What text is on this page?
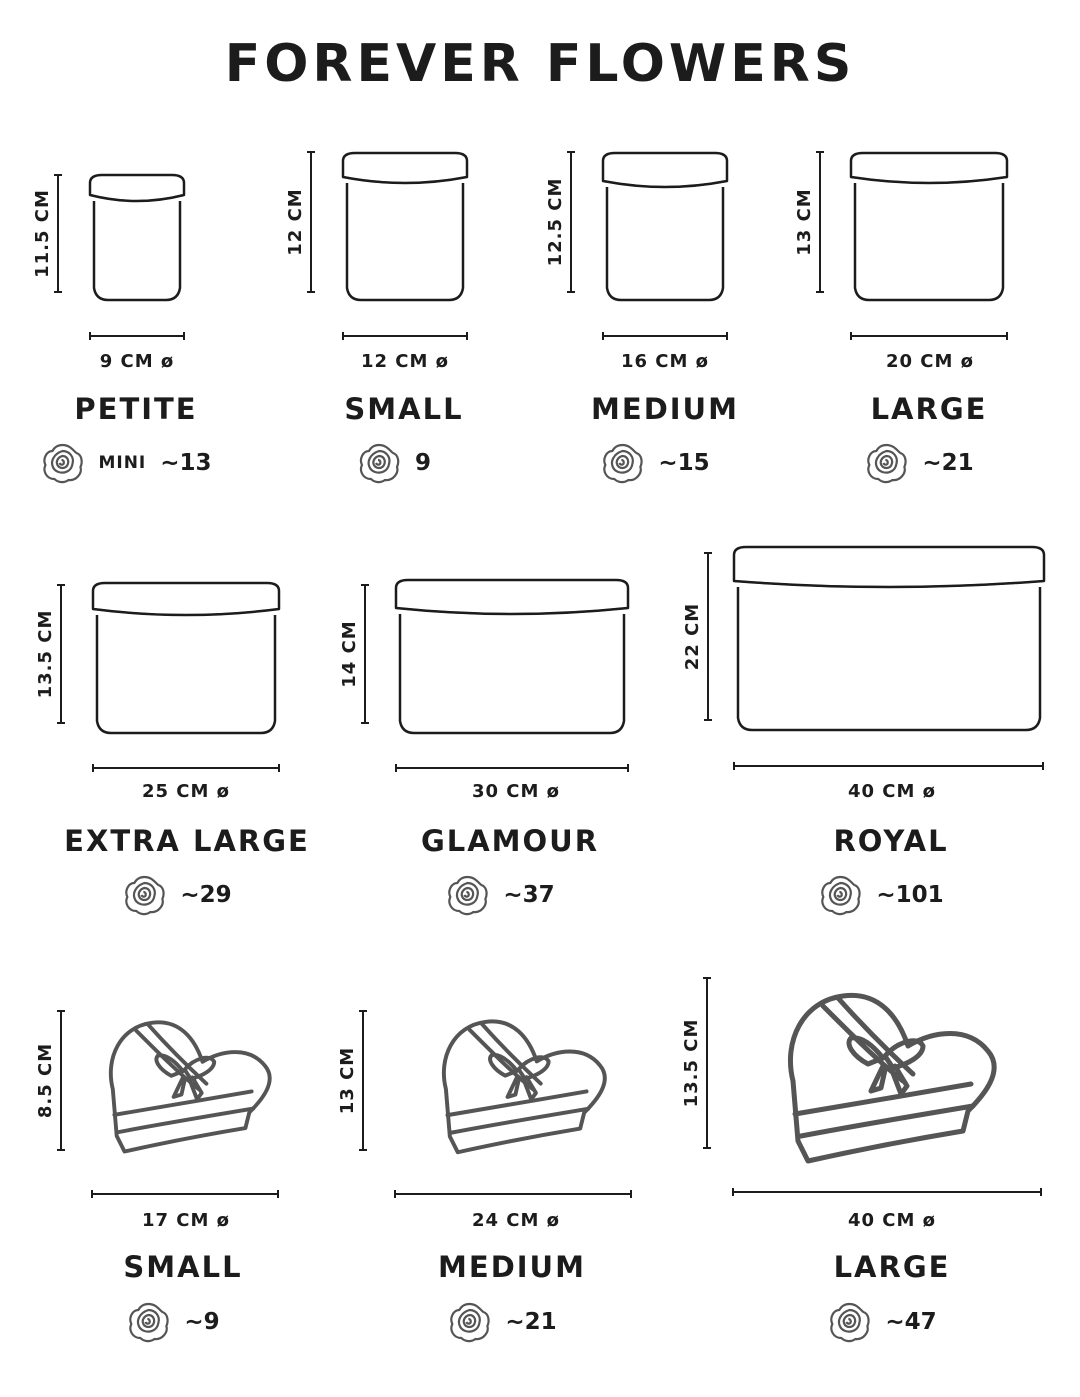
FOREVER FLOWERS
11.5 CM
9 CM ø
12 CM
12 CM ø
12.5 CM
16 CM ø
13 CM
20 CM ø
13.5 CM
25 CM ø
14 CM
30 CM ø
22 CM
40 CM ø
8.5 CM
17 CM ø
13 CM
24 CM ø
13.5 CM
40 CM ø
PETITE
MINI ~13
SMALL
9
MEDIUM
~15
LARGE
~21
EXTRA LARGE
~29
GLAMOUR
~37
ROYAL
~101
SMALL
~9
MEDIUM
~21
LARGE
~47
